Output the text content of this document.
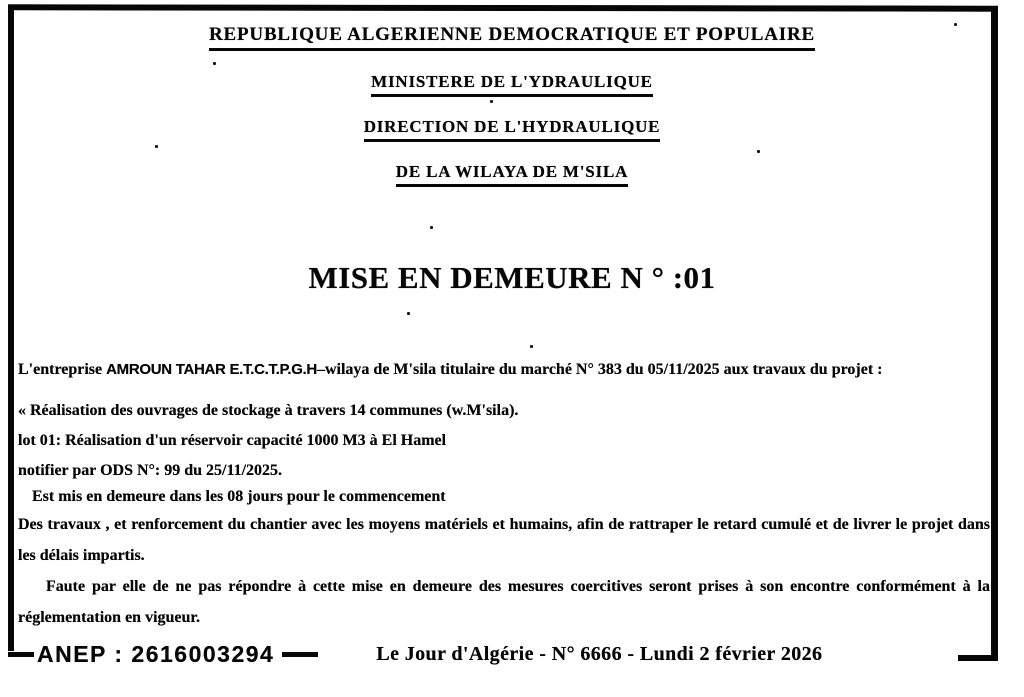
REPUBLIQUE ALGERIENNE DEMOCRATIQUE ET POPULAIRE
MINISTERE DE L'YDRAULIQUE
DIRECTION DE L'HYDRAULIQUE
DE LA WILAYA DE M'SILA
MISE EN DEMEURE N ° :01
L'entreprise AMROUN TAHAR E.T.C.T.P.G.H–wilaya de M'sila titulaire du marché N° 383 du 05/11/2025 aux travaux du projet :
« Réalisation des ouvrages de stockage à travers 14 communes (w.M'sila).
lot 01: Réalisation d'un réservoir capacité 1000 M3 à El Hamel
notifier par ODS N°: 99 du 25/11/2025.
Est mis en demeure dans les 08 jours pour le commencement
Des travaux , et renforcement du chantier avec les moyens matériels et humains, afin de rattraper le retard cumulé et de livrer le projet dans les délais impartis.
Faute par elle de ne pas répondre à cette mise en demeure des mesures coercitives seront prises à son encontre conformément à la réglementation en vigueur.
ANEP : 2616003294	Le Jour d'Algérie - N° 6666 - Lundi 2 février 2026
